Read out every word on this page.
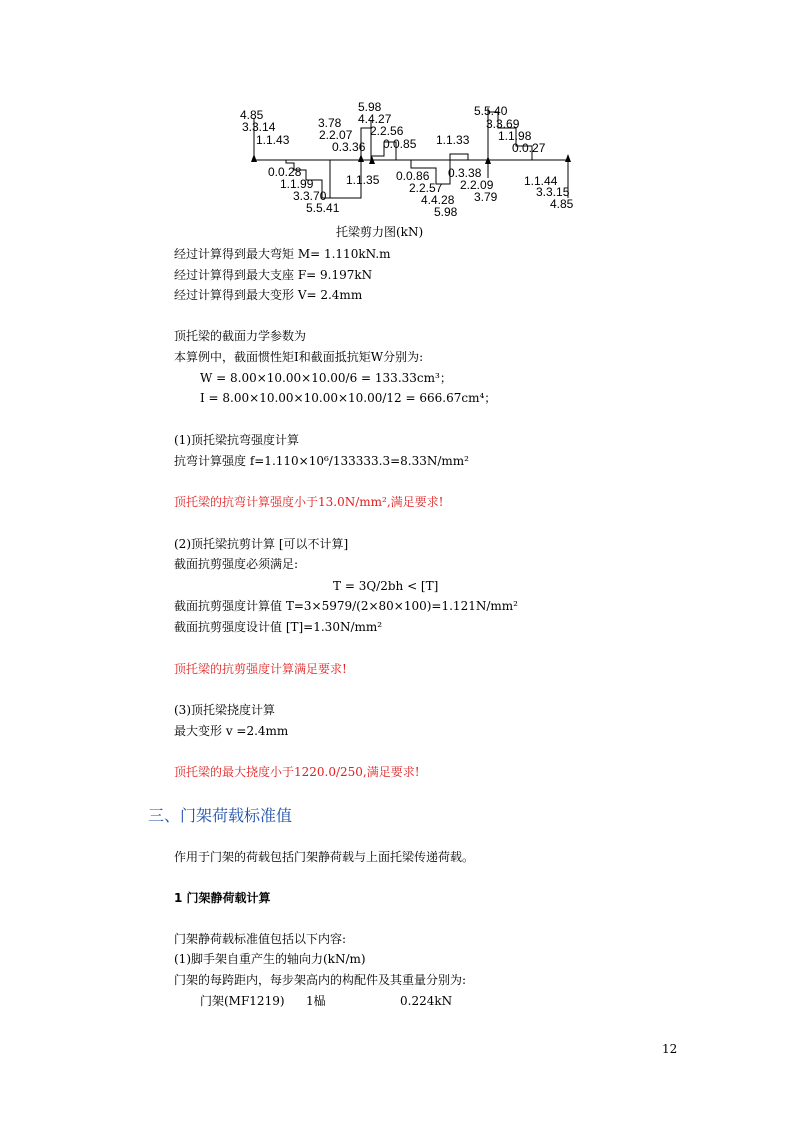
4.85
3.3.14
1.1.43
3.78
5.98
4.4.27
2.2.07 2.2.56
0.3.36 0.0.85 1.1.33
5.5.40
3.3.69
1.1.98
0.0.27
0.0.28
1.1.99
3.3.70
5.5.41
1.1.35 0.0.86
2.2.57
4.4.28
5.98
0.3.38
2.2.09
3.79
1.1.44
3.3.15
4.85
托梁剪力图(kN)
经过计算得到最大弯矩 M= 1.110kN.m
经过计算得到最大支座 F= 9.197kN
经过计算得到最大变形 V= 2.4mm
顶托梁的截面力学参数为
本算例中，截面惯性矩I和截面抵抗矩W分别为:
W = 8.00×10.00×10.00/6 = 133.33cm³；
I = 8.00×10.00×10.00×10.00/12 = 666.67cm⁴；
(1)顶托梁抗弯强度计算
抗弯计算强度 f=1.110×10⁶/133333.3=8.33N/mm²
顶托梁的抗弯计算强度小于13.0N/mm²,满足要求!
(2)顶托梁抗剪计算 [可以不计算]
截面抗剪强度必须满足:
T = 3Q/2bh < [T]
截面抗剪强度计算值 T=3×5979/(2×80×100)=1.121N/mm²
截面抗剪强度设计值 [T]=1.30N/mm²
顶托梁的抗剪强度计算满足要求!
(3)顶托梁挠度计算
最大变形 v =2.4mm
顶托梁的最大挠度小于1220.0/250,满足要求!
三、门架荷载标准值
作用于门架的荷载包括门架静荷载与上面托梁传递荷载。
1 门架静荷载计算
门架静荷载标准值包括以下内容:
(1)脚手架自重产生的轴向力(kN/m)
门架的每跨距内，每步架高内的构配件及其重量分别为:
门架(MF1219) 1榀	0.224kN
12
